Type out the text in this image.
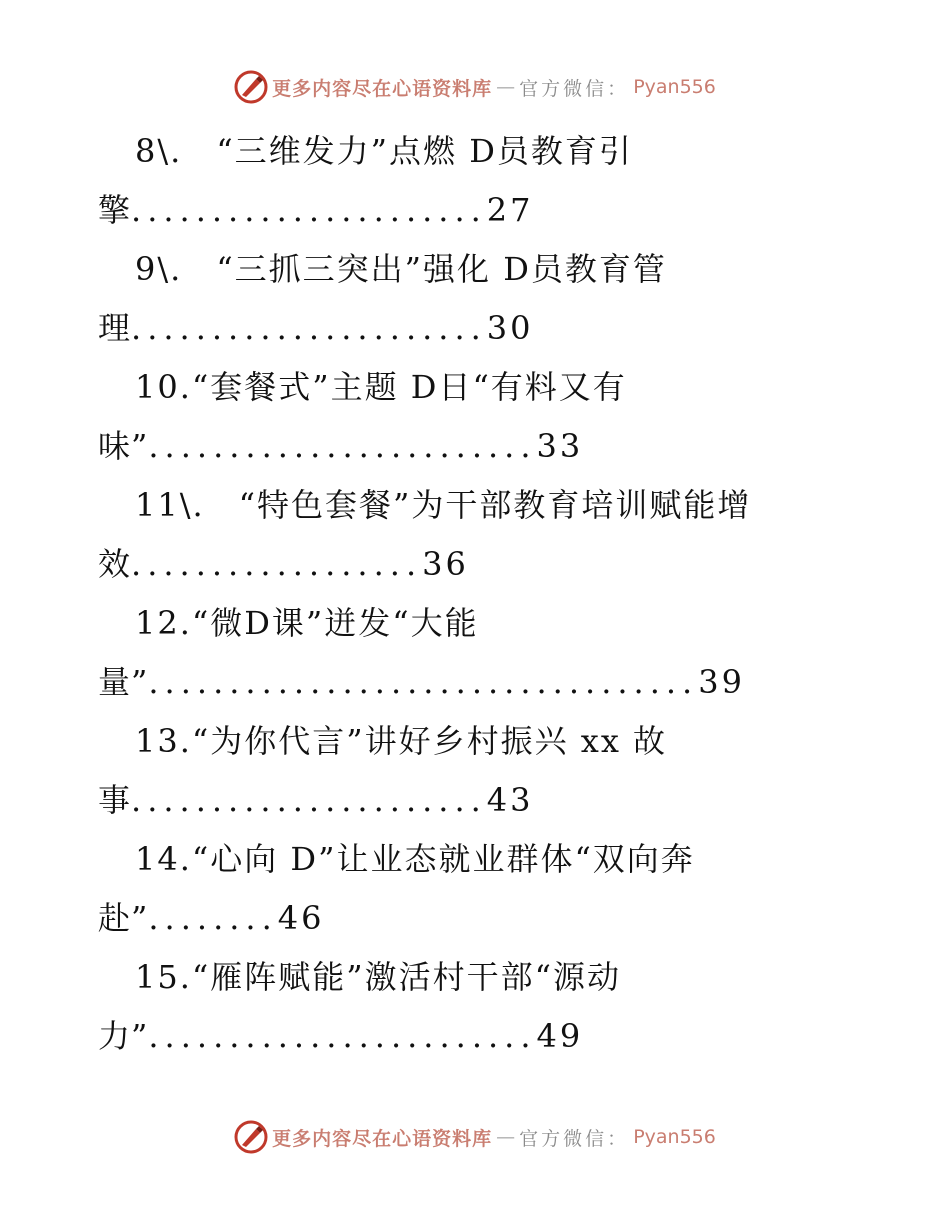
更多内容尽在心语资料库 — 官方微信： Pyan556
8\.　“三维发力”点燃 D员教育引
擎......................27
9\.　“三抓三突出”强化 D员教育管
理......................30
10.“套餐式”主题 D日“有料又有
味”........................33
11\.　“特色套餐”为干部教育培训赋能增
效..................36
12.“微D课”迸发“大能
量”..................................39
13.“为你代言”讲好乡村振兴 xx 故
事......................43
14.“心向 D”让业态就业群体“双向奔
赴”........46
15.“雁阵赋能”激活村干部“源动
力”........................49
更多内容尽在心语资料库 — 官方微信： Pyan556
